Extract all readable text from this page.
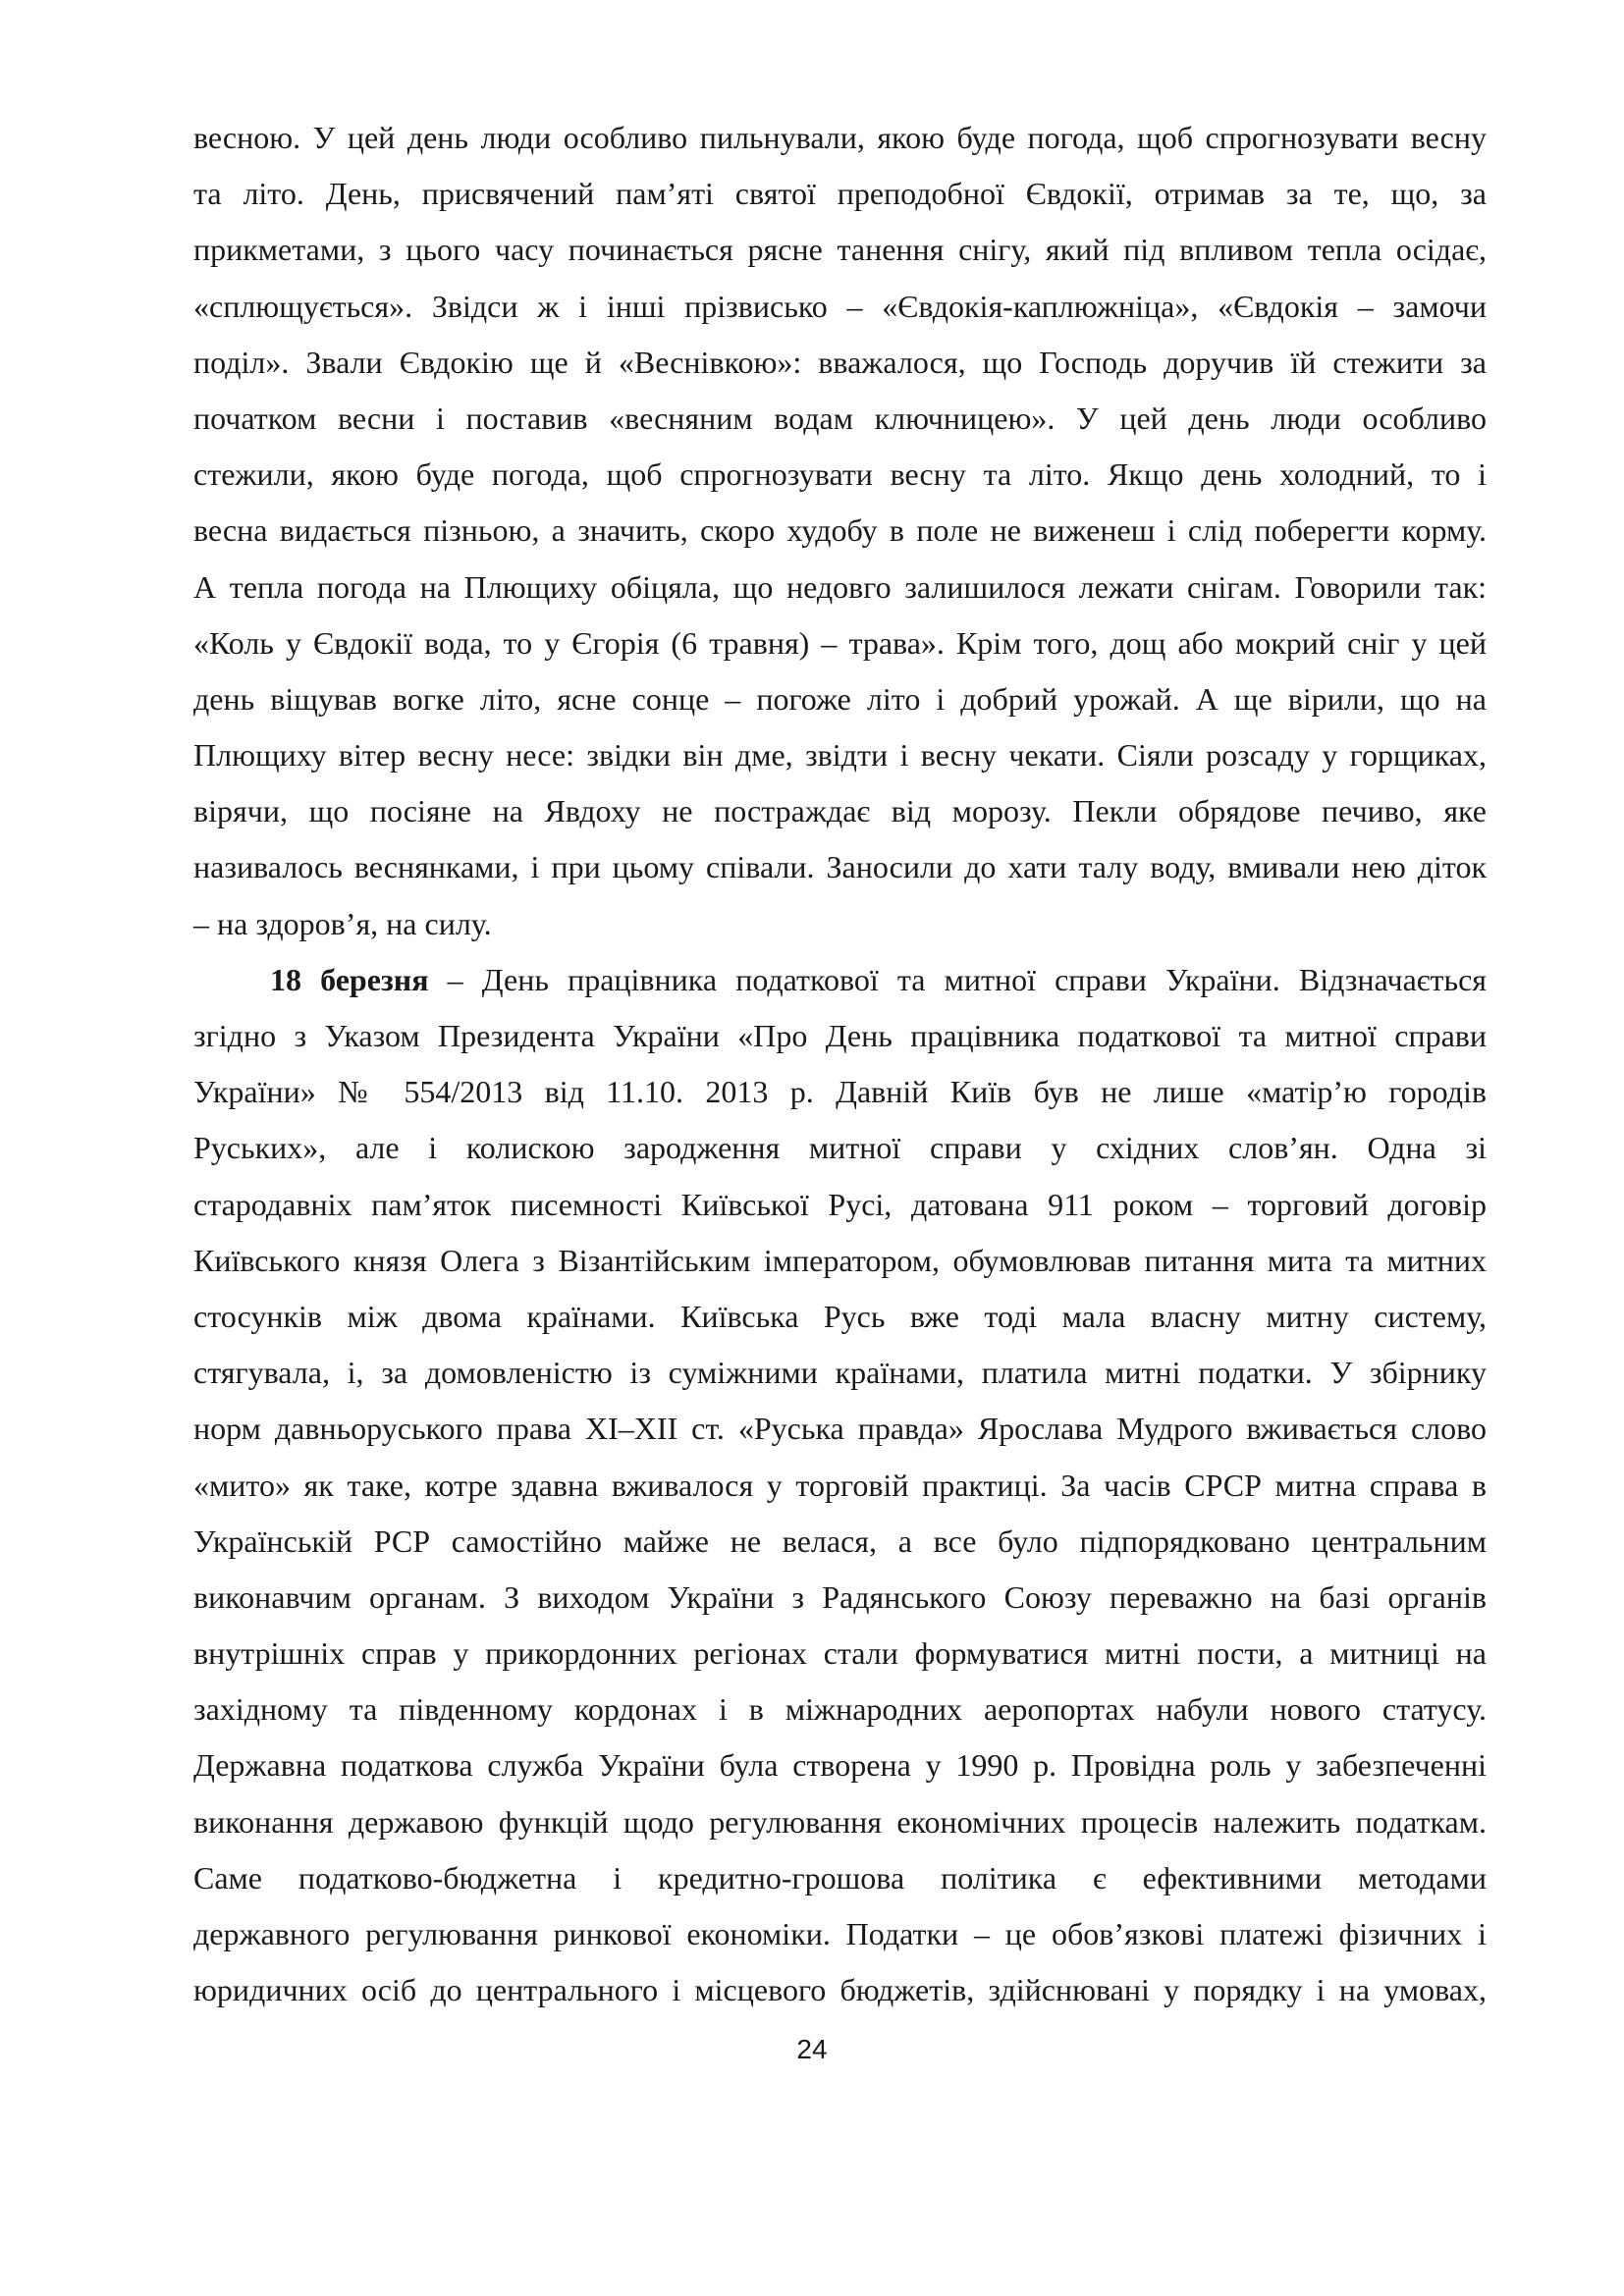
весною. У цей день люди особливо пильнували, якою буде погода, щоб спрогнозувати весну
та літо. День, присвячений пам’яті святої преподобної Євдокії, отримав за те, що, за
прикметами, з цього часу починається рясне танення снігу, який під впливом тепла осідає,
«сплющується». Звідси ж і інші прізвисько – «Євдокія-каплюжніца», «Євдокія – замочи
поділ». Звали Євдокію ще й «Веснівкою»: вважалося, що Господь доручив їй стежити за
початком весни і поставив «весняним водам ключницею». У цей день люди особливо
стежили, якою буде погода, щоб спрогнозувати весну та літо. Якщо день холодний, то і
весна видається пізньою, а значить, скоро худобу в поле не виженеш і слід поберегти корму.
А тепла погода на Плющиху обіцяла, що недовго залишилося лежати снігам. Говорили так:
«Коль у Євдокії вода, то у Єгорія (6 травня) – трава». Крім того, дощ або мокрий сніг у цей
день віщував вогке літо, ясне сонце – погоже літо і добрий урожай. А ще вірили, що на
Плющиху вітер весну несе: звідки він дме, звідти і весну чекати. Сіяли розсаду у горщиках,
вірячи, що посіяне на Явдоху не постраждає від морозу. Пекли обрядове печиво, яке
називалось веснянками, і при цьому співали. Заносили до хати талу воду, вмивали нею діток
– на здоров’я, на силу.

18 березня – День працівника податкової та митної справи України. Відзначається
згідно з Указом Президента України «Про День працівника податкової та митної справи
України» № 554/2013 від 11.10. 2013 р. Давній Київ був не лише «матір’ю городів
Руських», але і колискою зародження митної справи у східних слов’ян. Одна зі
стародавніх пам’яток писемності Київської Русі, датована 911 роком – торговий договір
Київського князя Олега з Візантійським імператором, обумовлював питання мита та митних
стосунків між двома країнами. Київська Русь вже тоді мала власну митну систему,
стягувала, і, за домовленістю із суміжними країнами, платила митні податки. У збірнику
норм давньоруського права XI–XII ст. «Руська правда» Ярослава Мудрого вживається слово
«мито» як таке, котре здавна вживалося у торговій практиці. За часів СРСР митна справа в
Українській РСР самостійно майже не велася, а все було підпорядковано центральним
виконавчим органам. З виходом України з Радянського Союзу переважно на базі органів
внутрішніх справ у прикордонних регіонах стали формуватися митні пости, а митниці на
західному та південному кордонах і в міжнародних аеропортах набули нового статусу.
Державна податкова служба України була створена у 1990 р. Провідна роль у забезпеченні
виконання державою функцій щодо регулювання економічних процесів належить податкам.
Саме податково-бюджетна і кредитно-грошова політика є ефективними методами
державного регулювання ринкової економіки. Податки – це обов’язкові платежі фізичних і
юридичних осіб до центрального і місцевого бюджетів, здійснювані у порядку і на умовах,

24
